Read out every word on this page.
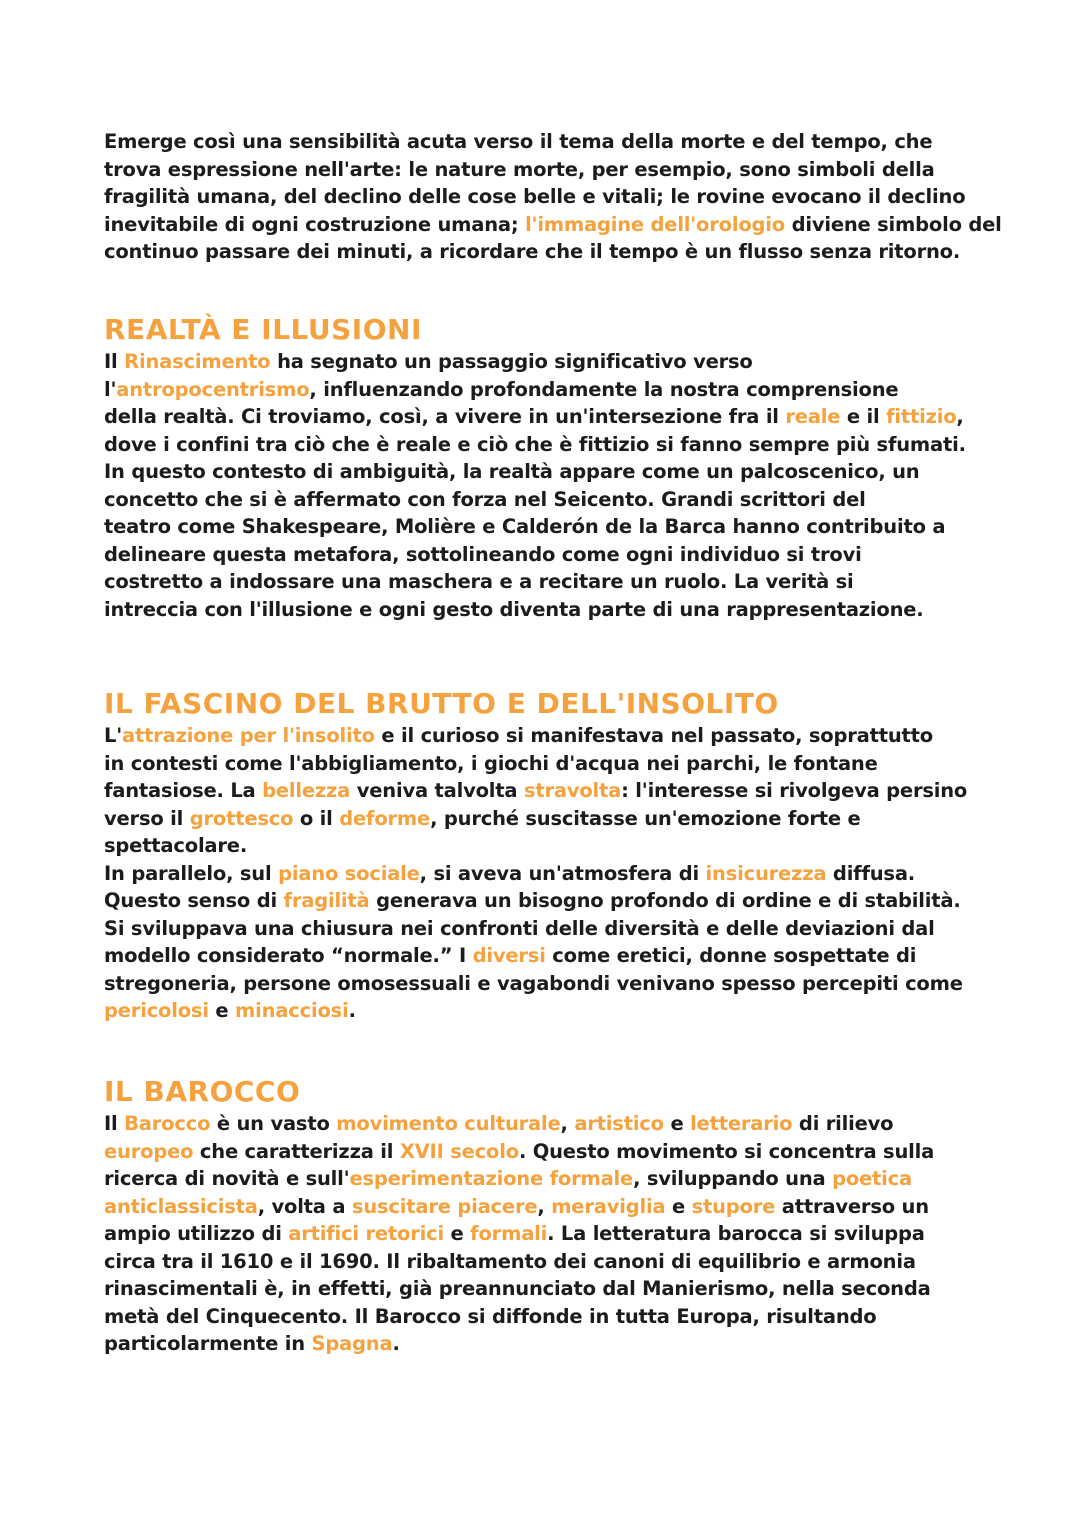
Emerge così una sensibilità acuta verso il tema della morte e del tempo, che
trova espressione nell'arte: le nature morte, per esempio, sono simboli della
fragilità umana, del declino delle cose belle e vitali; le rovine evocano il declino
inevitabile di ogni costruzione umana; l'immagine dell'orologio diviene simbolo del
continuo passare dei minuti, a ricordare che il tempo è un flusso senza ritorno.
REALTÀ E ILLUSIONI
Il Rinascimento ha segnato un passaggio significativo verso
l'antropocentrismo, influenzando profondamente la nostra comprensione
della realtà. Ci troviamo, così, a vivere in un'intersezione fra il reale e il fittizio,
dove i confini tra ciò che è reale e ciò che è fittizio si fanno sempre più sfumati.
In questo contesto di ambiguità, la realtà appare come un palcoscenico, un
concetto che si è affermato con forza nel Seicento. Grandi scrittori del
teatro come Shakespeare, Molière e Calderón de la Barca hanno contribuito a
delineare questa metafora, sottolineando come ogni individuo si trovi
costretto a indossare una maschera e a recitare un ruolo. La verità si
intreccia con l'illusione e ogni gesto diventa parte di una rappresentazione.
IL FASCINO DEL BRUTTO E DELL'INSOLITO
L'attrazione per l'insolito e il curioso si manifestava nel passato, soprattutto
in contesti come l'abbigliamento, i giochi d'acqua nei parchi, le fontane
fantasiose. La bellezza veniva talvolta stravolta: l'interesse si rivolgeva persino
verso il grottesco o il deforme, purché suscitasse un'emozione forte e
spettacolare.
In parallelo, sul piano sociale, si aveva un'atmosfera di insicurezza diffusa.
Questo senso di fragilità generava un bisogno profondo di ordine e di stabilità.
Si sviluppava una chiusura nei confronti delle diversità e delle deviazioni dal
modello considerato “normale.” I diversi come eretici, donne sospettate di
stregoneria, persone omosessuali e vagabondi venivano spesso percepiti come
pericolosi e minacciosi.
IL BAROCCO
Il Barocco è un vasto movimento culturale, artistico e letterario di rilievo
europeo che caratterizza il XVII secolo. Questo movimento si concentra sulla
ricerca di novità e sull'esperimentazione formale, sviluppando una poetica
anticlassicista, volta a suscitare piacere, meraviglia e stupore attraverso un
ampio utilizzo di artifici retorici e formali. La letteratura barocca si sviluppa
circa tra il 1610 e il 1690. Il ribaltamento dei canoni di equilibrio e armonia
rinascimentali è, in effetti, già preannunciato dal Manierismo, nella seconda
metà del Cinquecento. Il Barocco si diffonde in tutta Europa, risultando
particolarmente in Spagna.
